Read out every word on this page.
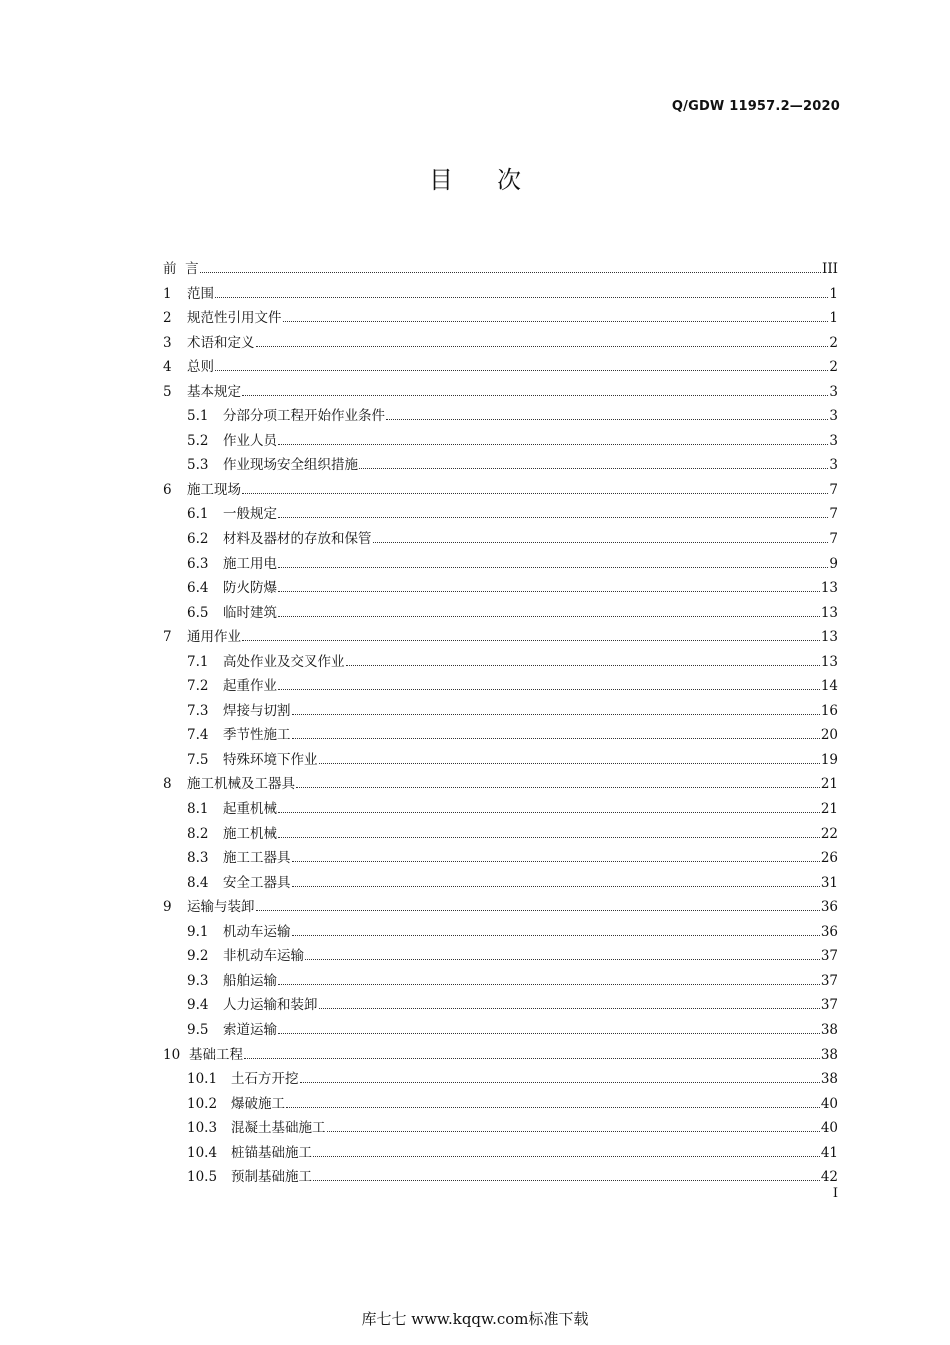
Q/GDW 11957.2—2020
目次
前  言	III
1	范围	1
2	规范性引用文件	1
3	术语和定义	2
4	总则	2
5	基本规定	3
5.1	分部分项工程开始作业条件	3
5.2	作业人员	3
5.3	作业现场安全组织措施	3
6	施工现场	7
6.1	一般规定	7
6.2	材料及器材的存放和保管	7
6.3	施工用电	9
6.4	防火防爆	13
6.5	临时建筑	13
7	通用作业	13
7.1	高处作业及交叉作业	13
7.2	起重作业	14
7.3	焊接与切割	16
7.4	季节性施工	20
7.5	特殊环境下作业	19
8	施工机械及工器具	21
8.1	起重机械	21
8.2	施工机械	22
8.3	施工工器具	26
8.4	安全工器具	31
9	运输与装卸	36
9.1	机动车运输	36
9.2	非机动车运输	37
9.3	船舶运输	37
9.4	人力运输和装卸	37
9.5	索道运输	38
10 基础工程	38
10.1	土石方开挖	38
10.2	爆破施工	40
10.3	混凝土基础施工	40
10.4	桩锚基础施工	41
10.5	预制基础施工	42
I
库七七 www.kqqw.com标准下载
